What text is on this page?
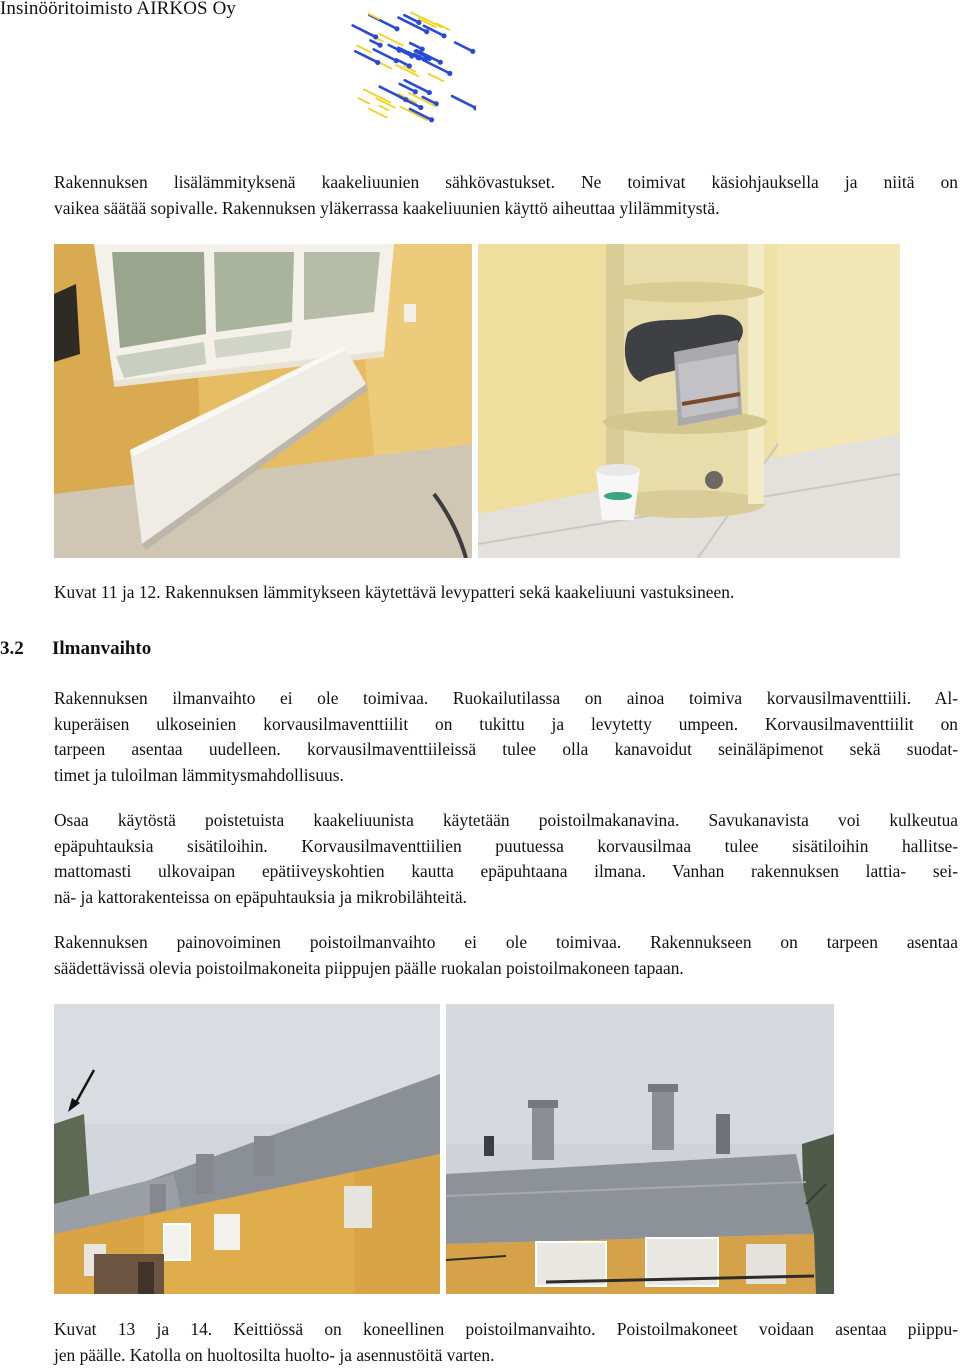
Insinööritoimisto AIRKOS Oy

Rakennuksen lisälämmityksenä kaakeliuunien sähkövastukset. Ne toimivat käsiohjauksella ja niitä on
vaikea säätää sopivalle. Rakennuksen yläkerrassa kaakeliuunien käyttö aiheuttaa ylilämmitystä.

Kuvat 11 ja 12. Rakennuksen lämmitykseen käytettävä levypatteri sekä kaakeliuuni vastuksineen.

3.2 Ilmanvaihto

Rakennuksen ilmanvaihto ei ole toimivaa. Ruokailutilassa on ainoa toimiva korvausilmaventtiili. Al-
kuperäisen ulkoseinien korvausilmaventtiilit on tukittu ja levytetty umpeen. Korvausilmaventtiilit on
tarpeen asentaa uudelleen. korvausilmaventtiileissä tulee olla kanavoidut seinäläpimenot sekä suodat-
timet ja tuloilman lämmitysmahdollisuus.

Osaa käytöstä poistetuista kaakeliuunista käytetään poistoilmakanavina. Savukanavista voi kulkeutua
epäpuhtauksia sisätiloihin. Korvausilmaventtiilien puutuessa korvausilmaa tulee sisätiloihin hallitse-
mattomasti ulkovaipan epätiiveyskohtien kautta epäpuhtaana ilmana. Vanhan rakennuksen lattia- sei-
nä- ja kattorakenteissa on epäpuhtauksia ja mikrobilähteitä.

Rakennuksen painovoiminen poistoilmanvaihto ei ole toimivaa. Rakennukseen on tarpeen asentaa
säädettävissä olevia poistoilmakoneita piippujen päälle ruokalan poistoilmakoneen tapaan.

Kuvat 13 ja 14. Keittiössä on koneellinen poistoilmanvaihto. Poistoilmakoneet voidaan asentaa piippu-
jen päälle. Katolla on huoltosilta huolto- ja asennustöitä varten.
